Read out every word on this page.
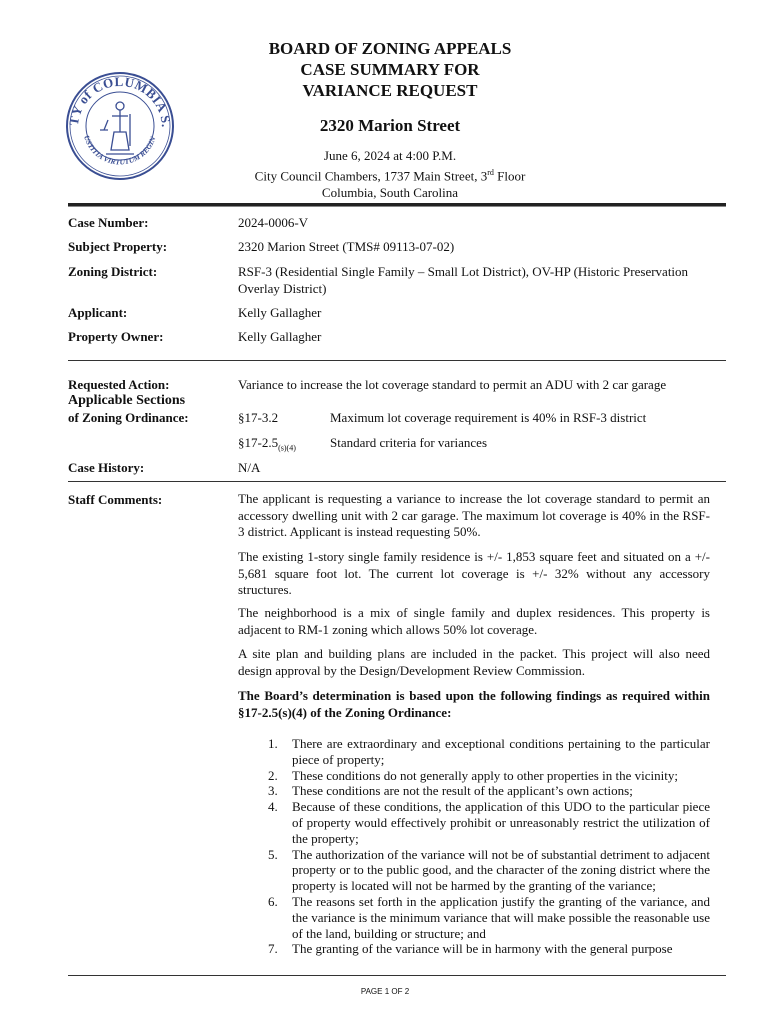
TY of COLUMBIA S.
USTITIA VIRTUTUM REGIN
BOARD OF ZONING APPEALS
CASE SUMMARY FOR
VARIANCE REQUEST
2320 Marion Street
June 6, 2024 at 4:00 P.M.
City Council Chambers, 1737 Main Street, 3rd Floor
Columbia, South Carolina
Case Number:	2024-0006-V
Subject Property:	2320 Marion Street (TMS# 09113-07-02)
Zoning District:	RSF-3 (Residential Single Family – Small Lot District), OV-HP (Historic Preservation Overlay District)
Applicant:	Kelly Gallagher
Property Owner:	Kelly Gallagher
Requested Action:	Variance to increase the lot coverage standard to permit an ADU with 2 car garage
Applicable Sections
of Zoning Ordinance:	§17-3.2	Maximum lot coverage requirement is 40% in RSF-3 district
$\S 17-2.5_{(s)(4)}$	Standard criteria for variances
Case History:	N/A
Staff Comments:	The applicant is requesting a variance to increase the lot coverage standard to permit an accessory dwelling unit with 2 car garage. The maximum lot coverage is 40% in the RSF-3 district. Applicant is instead requesting 50%.
The existing 1-story single family residence is +/- 1,853 square feet and situated on a +/- 5,681 square foot lot. The current lot coverage is +/- 32% without any accessory structures.
The neighborhood is a mix of single family and duplex residences. This property is adjacent to RM-1 zoning which allows 50% lot coverage.
A site plan and building plans are included in the packet. This project will also need design approval by the Design/Development Review Commission.
The Board’s determination is based upon the following findings as required within §17-2.5(s)(4) of the Zoning Ordinance:
1. There are extraordinary and exceptional conditions pertaining to the particular piece of property;
2. These conditions do not generally apply to other properties in the vicinity;
3. These conditions are not the result of the applicant’s own actions;
4. Because of these conditions, the application of this UDO to the particular piece of property would effectively prohibit or unreasonably restrict the utilization of the property;
5. The authorization of the variance will not be of substantial detriment to adjacent property or to the public good, and the character of the zoning district where the property is located will not be harmed by the granting of the variance;
6. The reasons set forth in the application justify the granting of the variance, and the variance is the minimum variance that will make possible the reasonable use of the land, building or structure; and
7. The granting of the variance will be in harmony with the general purpose
PAGE 1 OF 2
